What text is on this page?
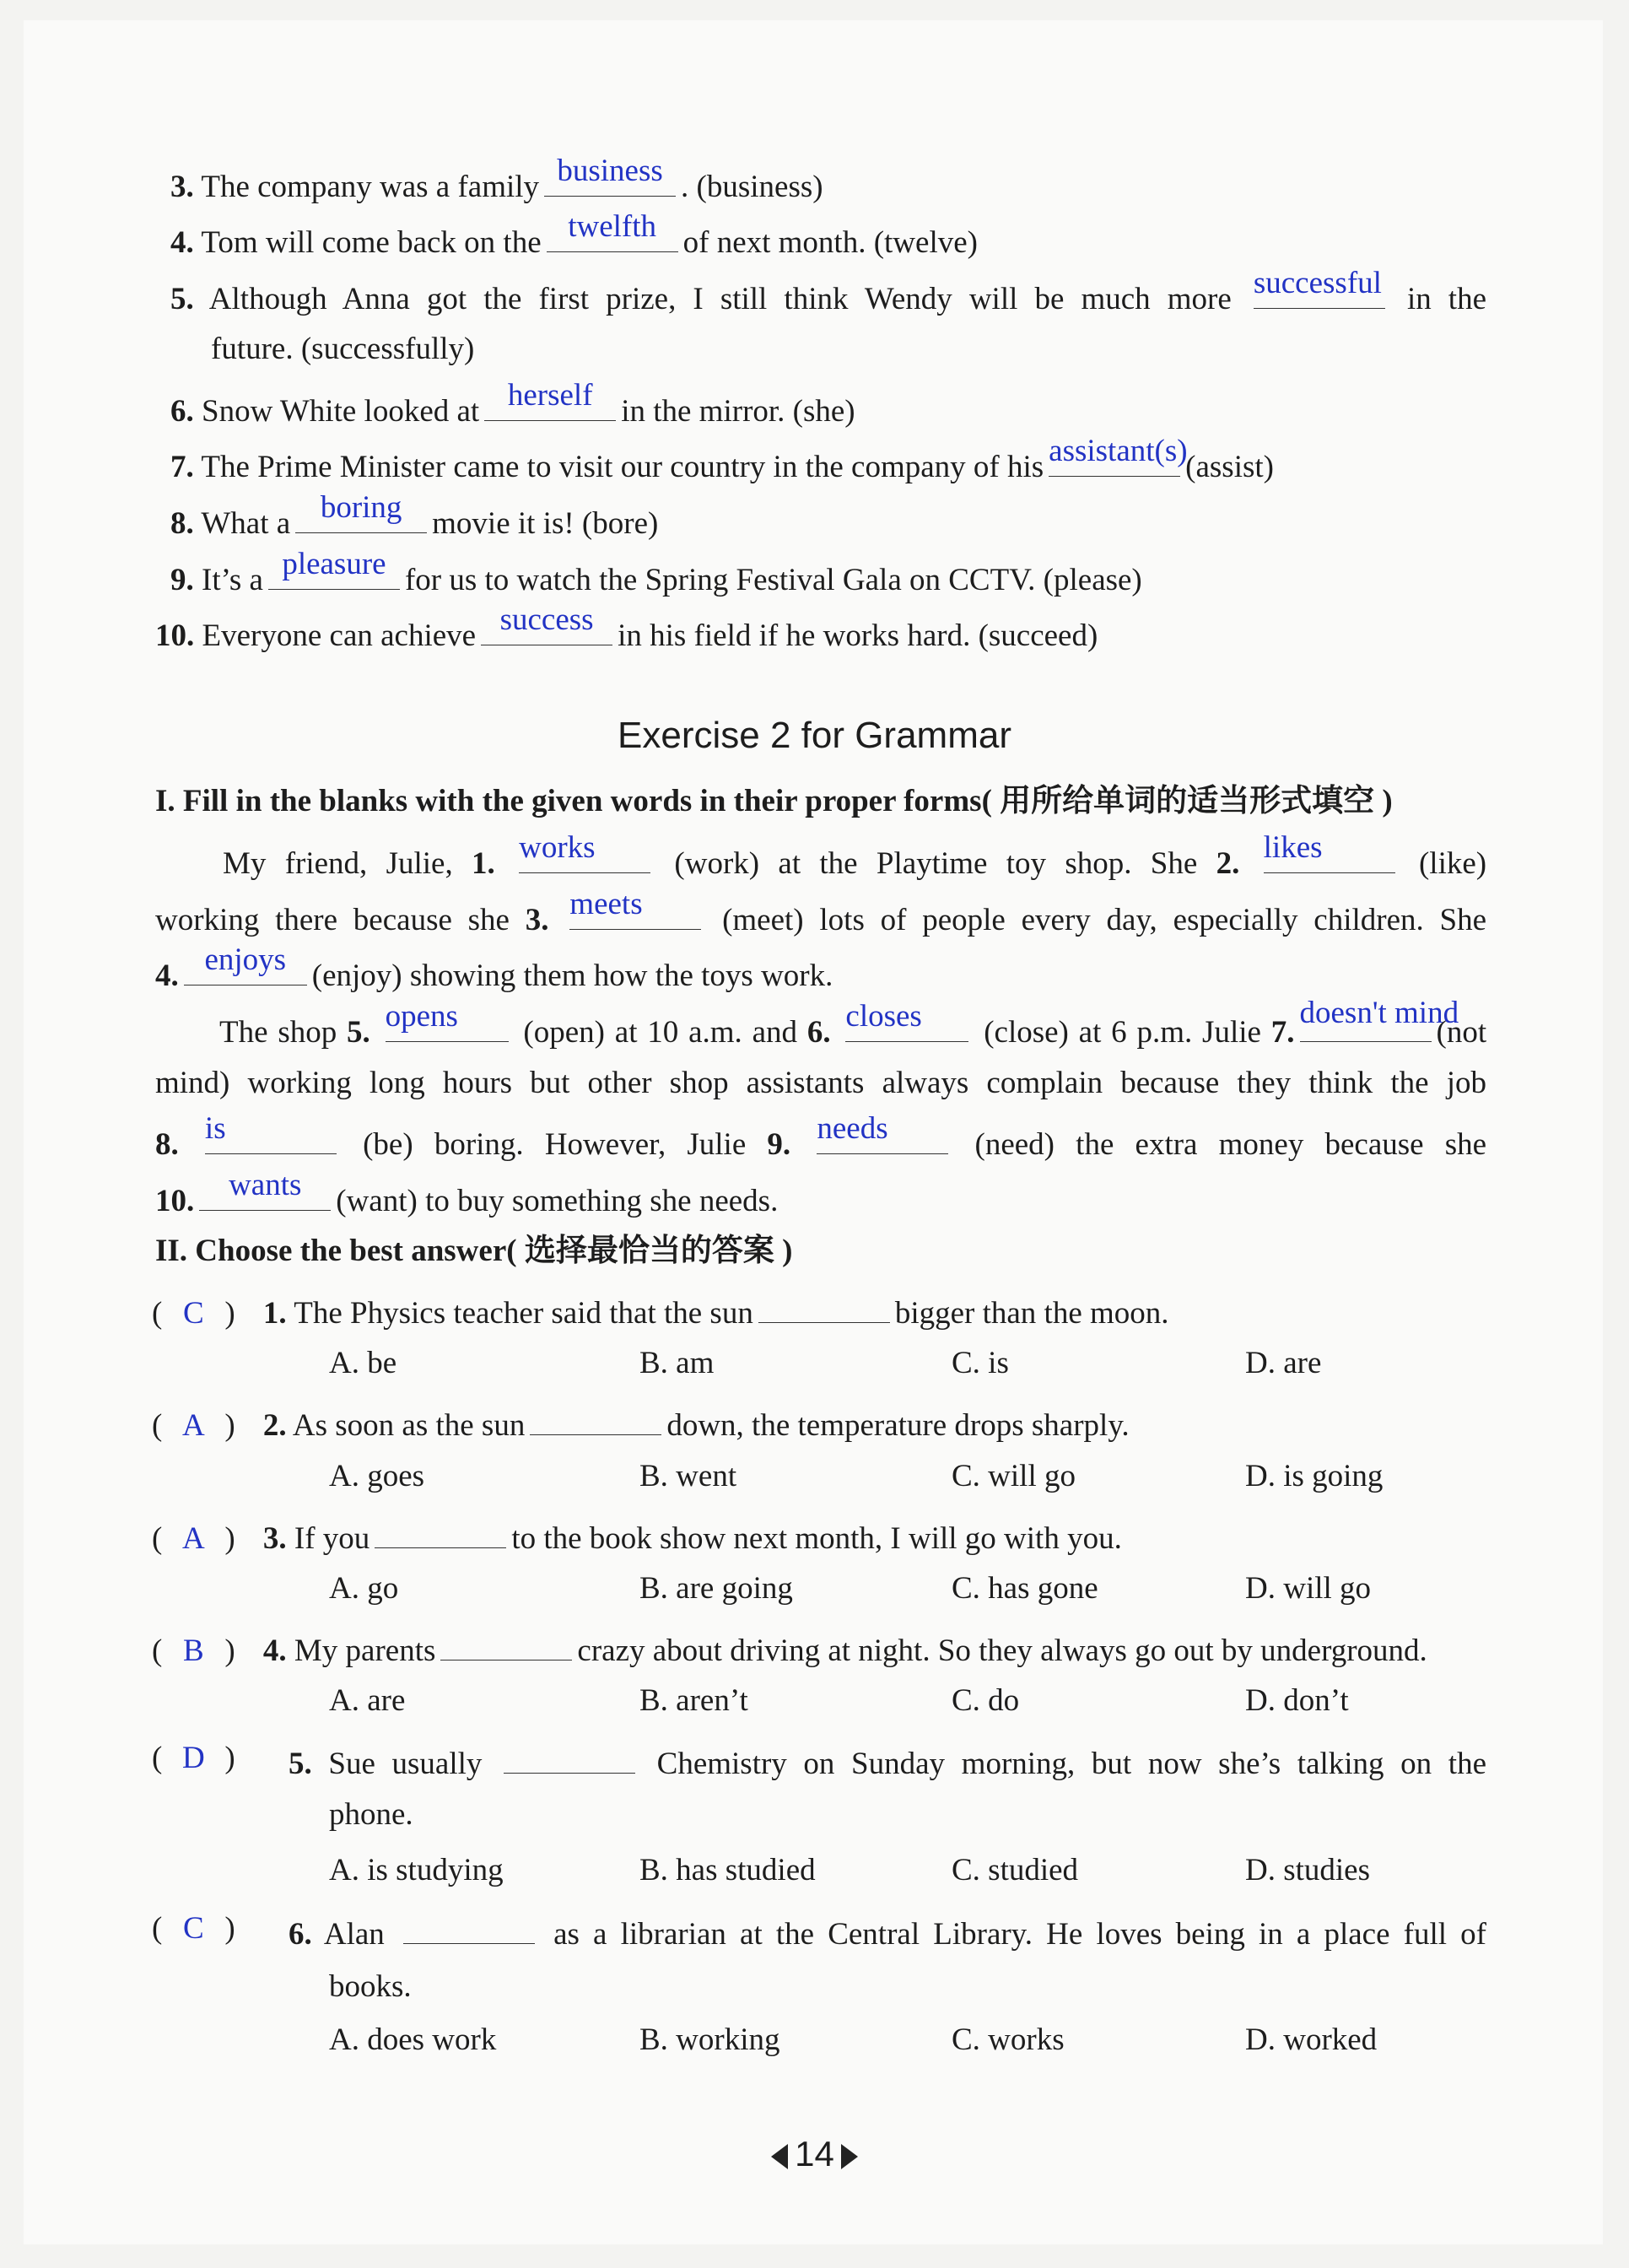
3. The company was a family business . (business)
4. Tom will come back on the twelfth of next month. (twelve)
5. Although Anna got the first prize, I still think Wendy will be much more successful in the
future. (successfully)
6. Snow White looked at herself in the mirror. (she)
7. The Prime Minister came to visit our country in the company of his assistant(s)
(assist)
8. What a boring movie it is! (bore)
9. It’s a pleasure for us to watch the Spring Festival Gala on CCTV. (please)
10. Everyone can achieve success in his field if he works hard. (succeed)
Exercise 2 for Grammar
I. Fill in the blanks with the given words in their proper forms( 用所给单词的适当形式填空 )
My friend, Julie, 1. works	(work) at the Playtime toy shop. She 2. likes	(like)
working there because she 3. meets	(meet) lots of people every day, especially children. She
4. enjoys (enjoy) showing them how the toys work.
The shop 5. opens	(open) at 10 a.m. and 6. closes	(close) at 6 p.m. Julie 7.
doesn't mind
(not
mind) working long hours but other shop assistants always complain because they think the job
8. is	(be) boring. However, Julie 9. needs	(need) the extra money because she
10.	wants	(want) to buy something she needs.
II. Choose the best answer( 选择最恰当的答案 )
( C ) 1. The Physics teacher said that the sun	bigger than the moon.
A. be	B. am	C. is	D. are
( A ) 2. As soon as the sun	down, the temperature drops sharply.
A. goes	B. went	C. will go	D. is going
( A ) 3. If you	to the book show next month, I will go with you.
A. go	B. are going	C. has gone	D. will go
( B ) 4. My parents	crazy about driving at night. So they always go out by underground.
A. are	B. aren’t	C. do	D. don’t
( D ) 5. Sue usually	Chemistry on Sunday morning, but now she’s talking on the
phone.
A. is studying	B. has studied	C. studied	D. studies
( C ) 6. Alan	as a librarian at the Central Library. He loves being in a place full of
books.
A. does work	B. working	C. works	D. worked
14
